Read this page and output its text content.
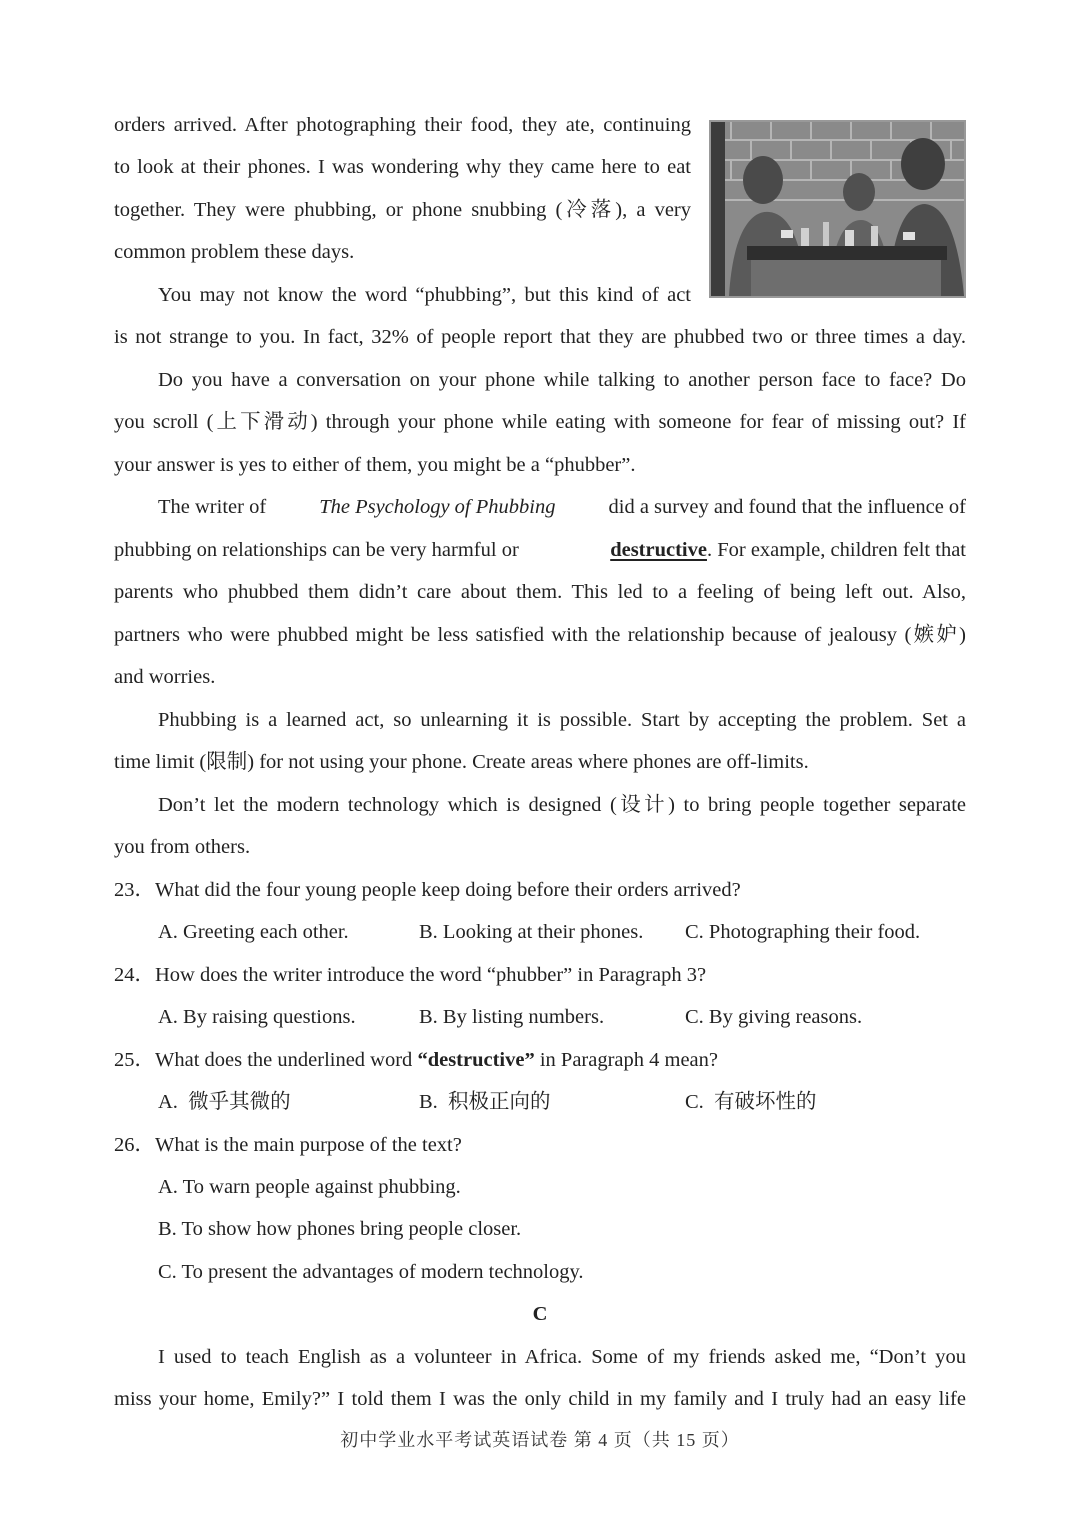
orders arrived. After photographing their food, they ate, continuing
to look at their phones. I was wondering why they came here to eat
together. They were phubbing, or phone snubbing (冷落), a very
common problem these days.
You may not know the word “phubbing”, but this kind of act
is not strange to you. In fact, 32% of people report that they are phubbed two or three times a day.
Do you have a conversation on your phone while talking to another person face to face? Do
you scroll (上下滑动) through your phone while eating with someone for fear of missing out? If
your answer is yes to either of them, you might be a “phubber”.
The writer of	The Psychology of Phubbing	did a survey and found that the influence of
phubbing on relationships can be very harmful or	destructive. For example, children felt that
parents who phubbed them didn’t care about them. This led to a feeling of being left out. Also,
partners who were phubbed might be less satisfied with the relationship because of jealousy (嫉妒)
and worries.
Phubbing is a learned act, so unlearning it is possible. Start by accepting the problem. Set a
time limit (限制) for not using your phone. Create areas where phones are off-limits.
Don’t let the modern technology which is designed (设计) to bring people together separate
you from others.
23．What did the four young people keep doing before their orders arrived?
A. Greeting each other.	B. Looking at their phones. C. Photographing their food.
24．How does the writer introduce the word “phubber” in Paragraph 3?
A. By raising questions.	B. By listing numbers.	C. By giving reasons.
25．What does the underlined word “destructive” in Paragraph 4 mean?
A.  微乎其微的	B.  积极正向的	C.  有破坏性的
26．What is the main purpose of the text?
A. To warn people against phubbing.
B. To show how phones bring people closer.
C. To present the advantages of modern technology.
C
I used to teach English as a volunteer in Africa. Some of my friends asked me, “Don’t you
miss your home, Emily?” I told them I was the only child in my family and I truly had an easy life
初中学业水平考试英语试卷 第 4 页（共 15 页）
